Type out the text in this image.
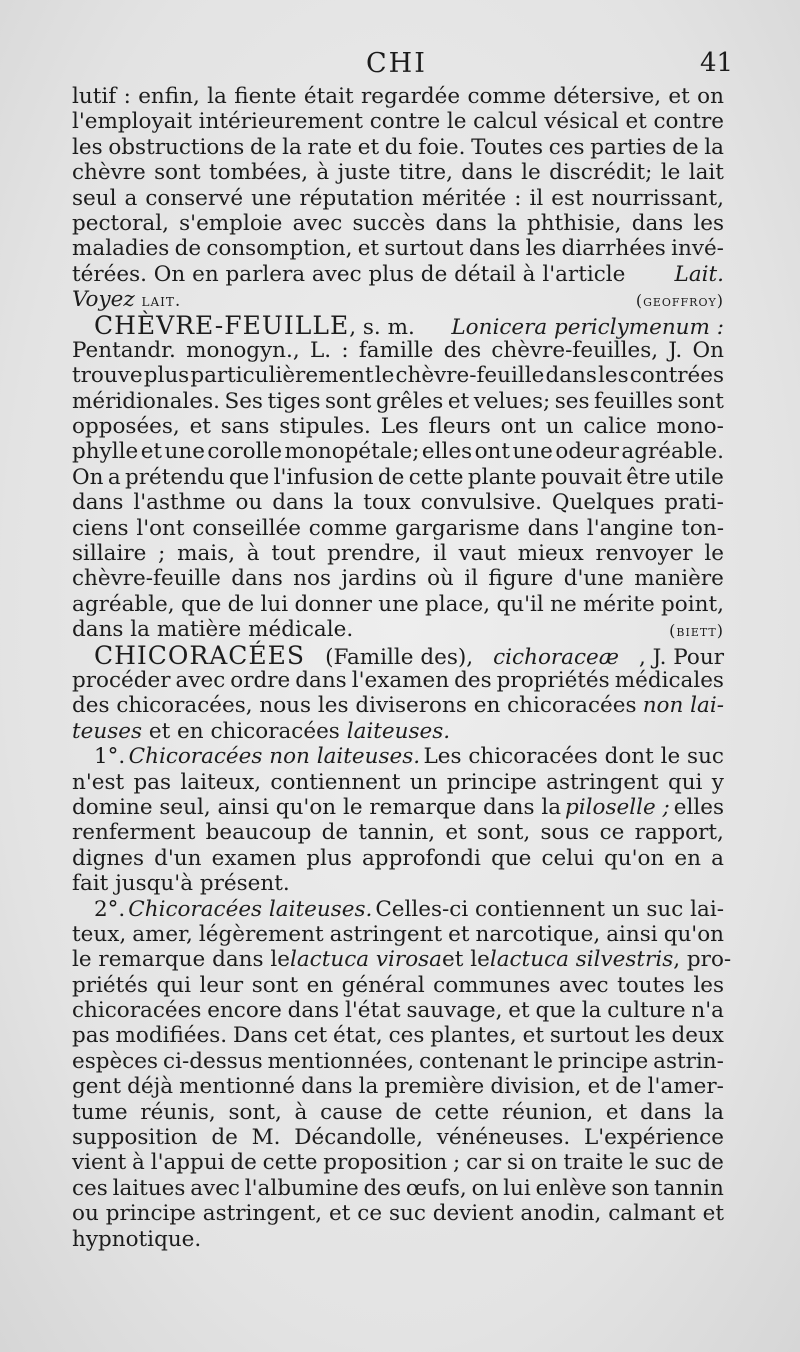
CHI	41
lutif : enfin, la fiente était regardée comme détersive, et on
l'employait intérieurement contre le calcul vésical et contre
les obstructions de la rate et du foie. Toutes ces parties de la
chèvre sont tombées, à juste titre, dans le discrédit; le lait
seul a conservé une réputation méritée : il est nourrissant,
pectoral, s'emploie avec succès dans la phthisie, dans les
maladies de consomption, et surtout dans les diarrhées invé-
térées. On en parlera avec plus de détail à l'article Lait.
Voyez lait.	(geoffroy)
CHÈVRE-FEUILLE, s. m. Lonicera periclymenum :
Pentandr. monogyn., L. : famille des chèvre-feuilles, J. On
trouve plus particulièrement le chèvre-feuille dans les contrées
méridionales. Ses tiges sont grêles et velues; ses feuilles sont
opposées, et sans stipules. Les fleurs ont un calice mono-
phylle et une corolle monopétale; elles ont une odeur agréable.
On a prétendu que l'infusion de cette plante pouvait être utile
dans l'asthme ou dans la toux convulsive. Quelques prati-
ciens l'ont conseillée comme gargarisme dans l'angine ton-
sillaire ; mais, à tout prendre, il vaut mieux renvoyer le
chèvre-feuille dans nos jardins où il figure d'une manière
agréable, que de lui donner une place, qu'il ne mérite point,
dans la matière médicale.	(biett)
CHICORACÉES (Famille des), cichoraceæ , J. Pour
procéder avec ordre dans l'examen des propriétés médicales
des chicoracées, nous les diviserons en chicoracées non lai-
teuses
et en chicoracées
laiteuses.
1°. Chicoracées non laiteuses. Les chicoracées dont le suc
n'est pas laiteux, contiennent un principe astringent qui y
domine seul, ainsi qu'on le remarque dans la piloselle ; elles
renferment beaucoup de tannin, et sont, sous ce rapport,
dignes d'un examen plus approfondi que celui qu'on en a
fait jusqu'à présent.
2°. Chicoracées laiteuses. Celles-ci contiennent un suc lai-
teux, amer, légèrement astringent et narcotique, ainsi qu'on
le remarque dans le lactuca virosa et le lactuca silvestris , pro-
priétés qui leur sont en général communes avec toutes les
chicoracées encore dans l'état sauvage, et que la culture n'a
pas modifiées. Dans cet état, ces plantes, et surtout les deux
espèces ci-dessus mentionnées, contenant le principe astrin-
gent déjà mentionné dans la première division, et de l'amer-
tume réunis, sont, à cause de cette réunion, et dans la
supposition de M. Décandolle, vénéneuses. L'expérience
vient à l'appui de cette proposition ; car si on traite le suc de
ces laitues avec l'albumine des œufs, on lui enlève son tannin
ou principe astringent, et ce suc devient anodin, calmant et
hypnotique.
